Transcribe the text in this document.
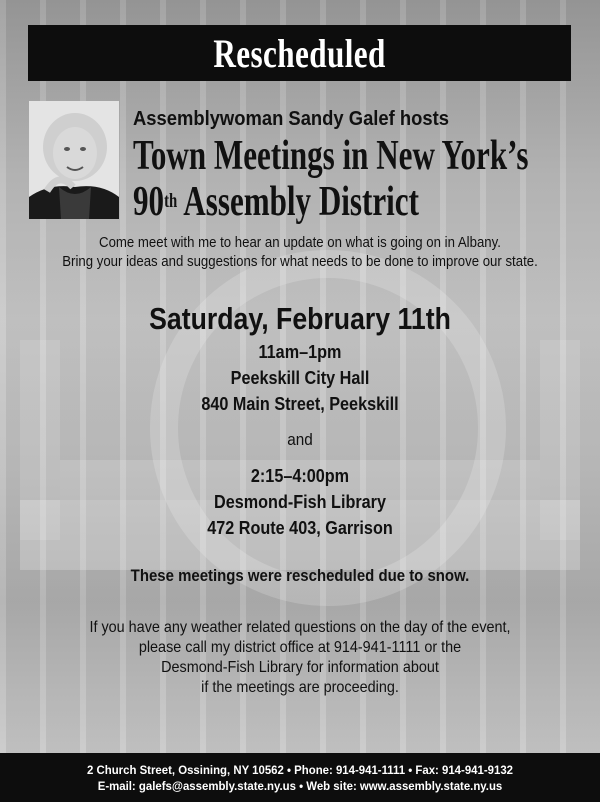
Rescheduled
Assemblywoman Sandy Galef hosts
Town Meetings in New York’s
90th Assembly District
Come meet with me to hear an update on what is going on in Albany.
Bring your ideas and suggestions for what needs to be done to improve our state.
Saturday, February 11th
11am–1pm
Peekskill City Hall
840 Main Street, Peekskill
and
2:15–4:00pm
Desmond-Fish Library
472 Route 403, Garrison
These meetings were rescheduled due to snow.
If you have any weather related questions on the day of the event,
please call my district office at 914-941-1111 or the
Desmond-Fish Library for information about
if the meetings are proceeding.
2 Church Street, Ossining, NY 10562 • Phone: 914-941-1111 • Fax: 914-941-9132
E-mail: galefs@assembly.state.ny.us • Web site: www.assembly.state.ny.us
